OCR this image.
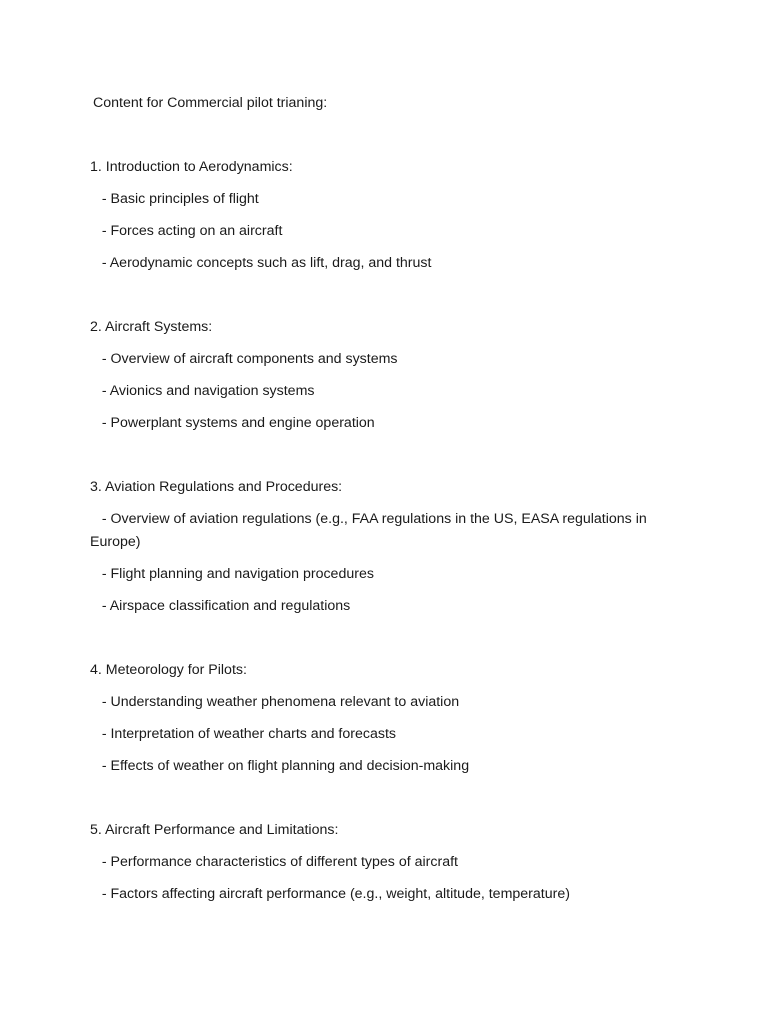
Content for Commercial pilot trianing:

1. Introduction to Aerodynamics:

- Basic principles of flight

- Forces acting on an aircraft

- Aerodynamic concepts such as lift, drag, and thrust

2. Aircraft Systems:

- Overview of aircraft components and systems

- Avionics and navigation systems

- Powerplant systems and engine operation

3. Aviation Regulations and Procedures:

- Overview of aviation regulations (e.g., FAA regulations in the US, EASA regulations in Europe)

- Flight planning and navigation procedures

- Airspace classification and regulations

4. Meteorology for Pilots:

- Understanding weather phenomena relevant to aviation

- Interpretation of weather charts and forecasts

- Effects of weather on flight planning and decision-making

5. Aircraft Performance and Limitations:

- Performance characteristics of different types of aircraft

- Factors affecting aircraft performance (e.g., weight, altitude, temperature)
